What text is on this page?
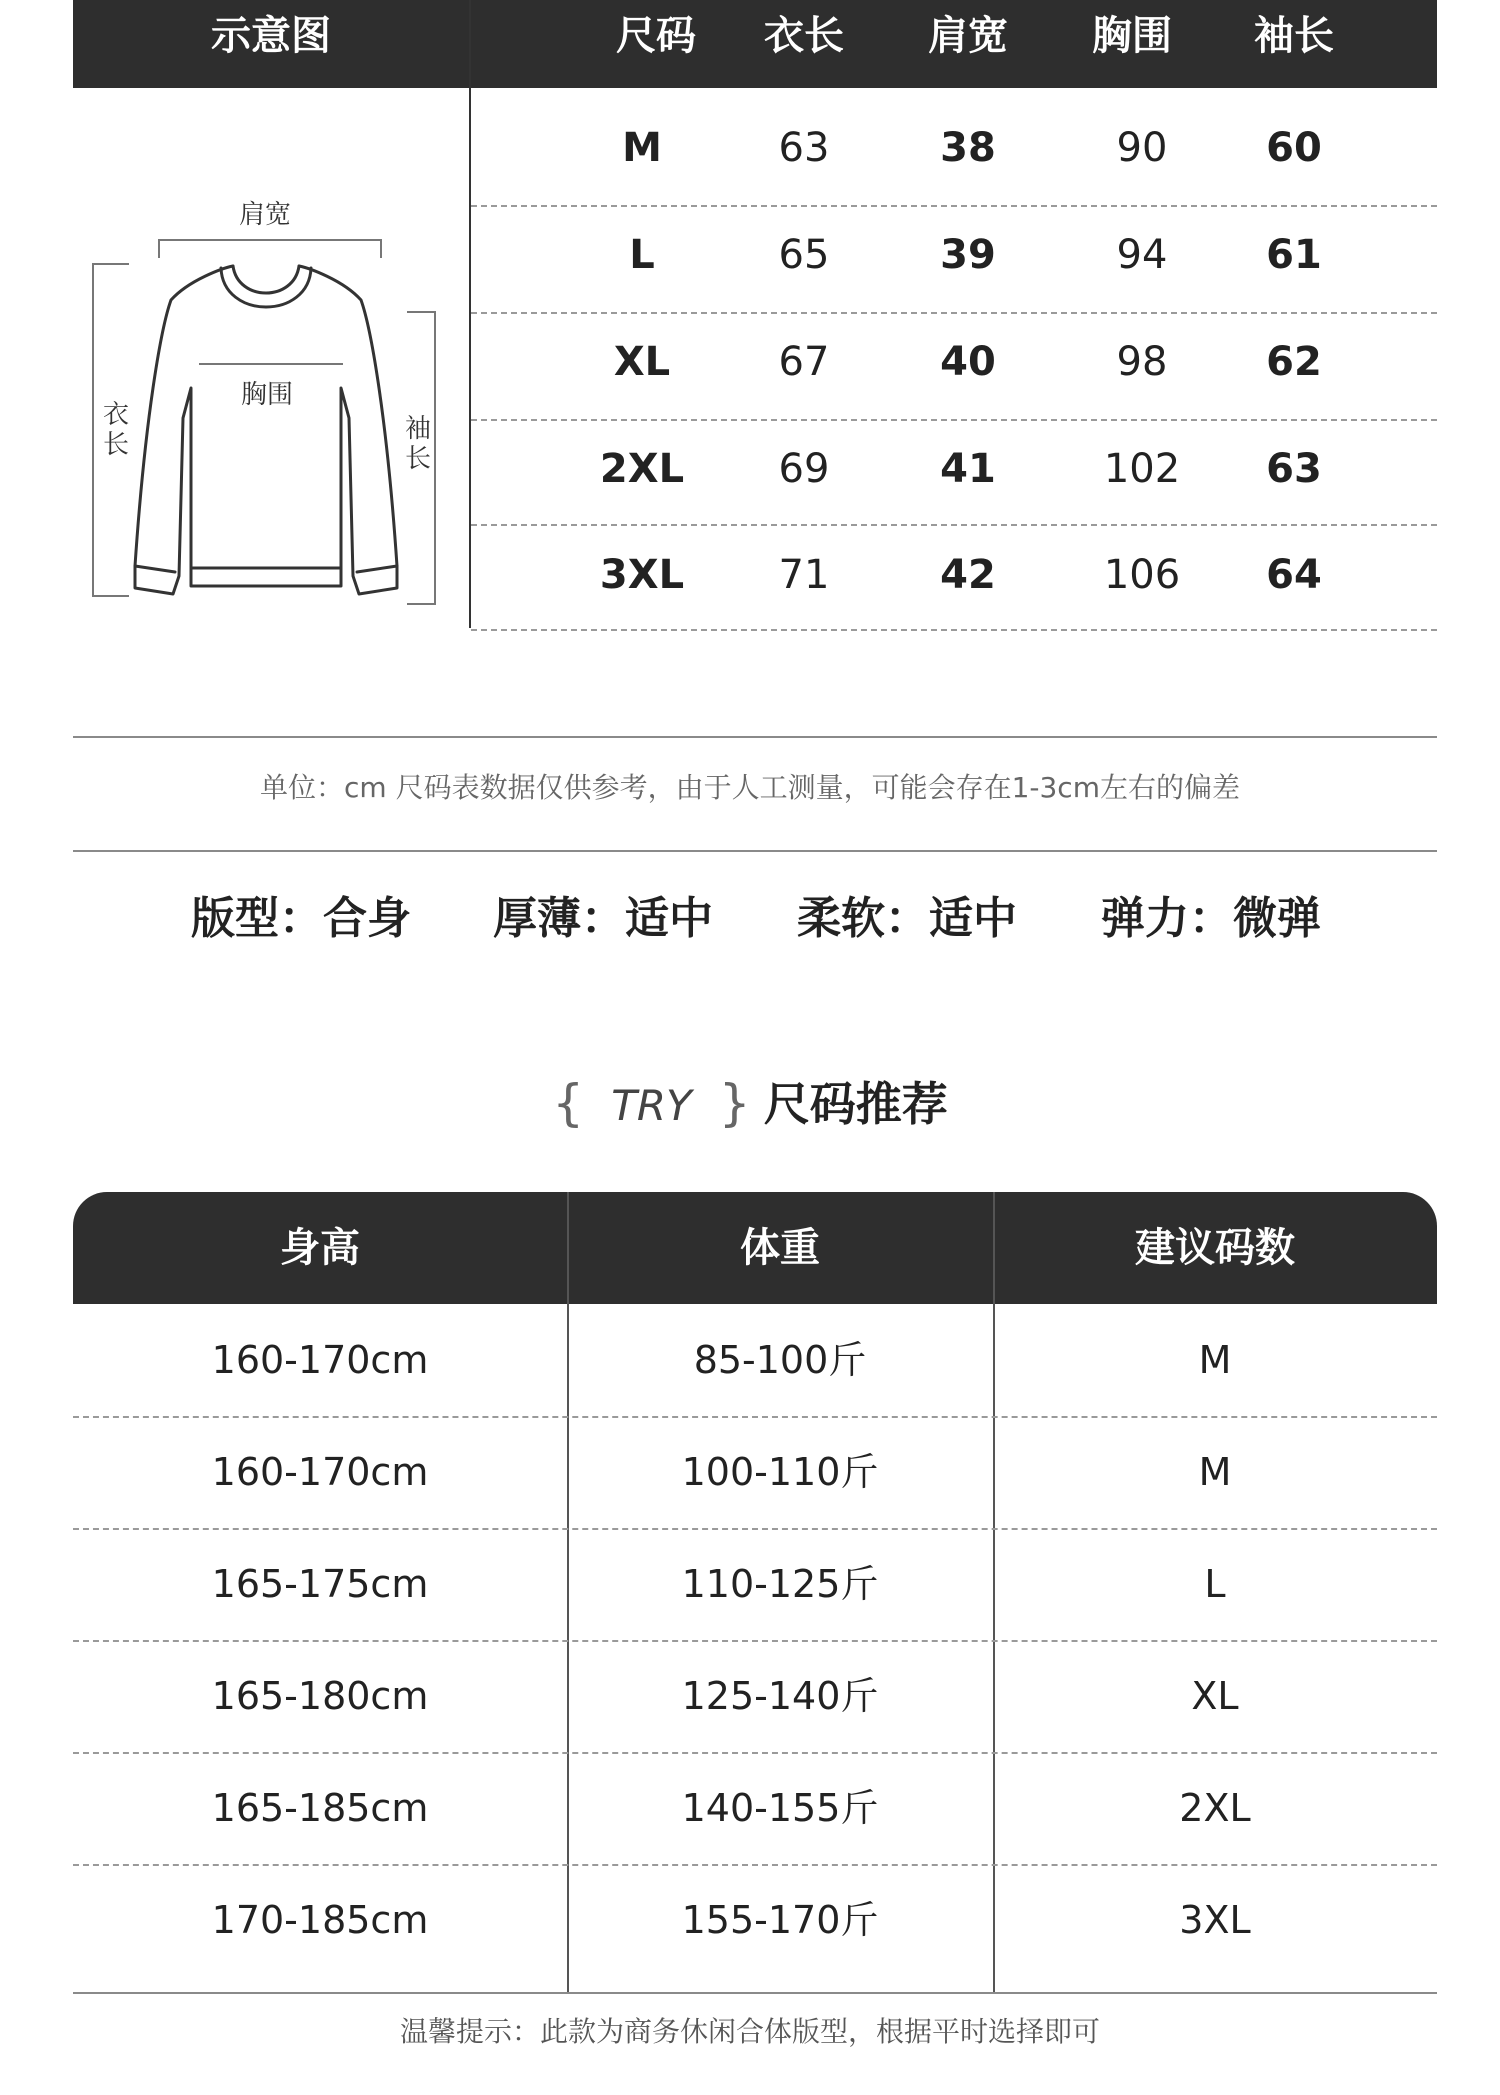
示意图	尺码	衣长	肩宽	胸围	袖长
M	63	38	90	60
L	65	39	94	61
XL	67	40	98	62
2XL	69	41	102	63
3XL	71	42	106	64
肩宽
胸围
衣长
袖长
单位：cm 尺码表数据仅供参考，由于人工测量，可能会存在1-3cm左右的偏差
版型：合身 厚薄：适中 柔软：适中 弹力：微弹
{ TRY } 尺码推荐
身高	体重	建议码数
160-170cm	85-100斤	M
160-170cm	100-110斤	M
165-175cm	110-125斤	L
165-180cm	125-140斤	XL
165-185cm	140-155斤	2XL
170-185cm	155-170斤	3XL
温馨提示：此款为商务休闲合体版型，根据平时选择即可
